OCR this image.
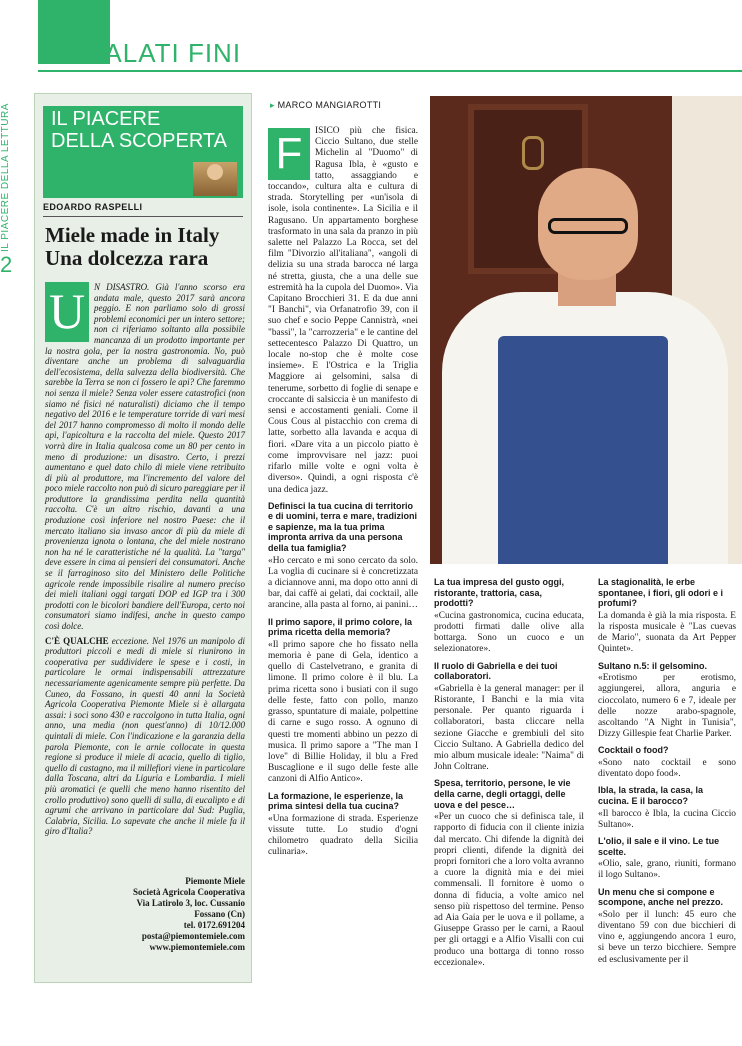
PALATI FINI
IL PIACERE DELLA LETTURA
2
IL PIACERE
DELLA SCOPERTA
EDOARDO RASPELLI
Miele made in Italy
Una dolcezza rara
U N DISASTRO. Già l'anno scorso era andata male, questo 2017 sarà ancora peggio. E non parliamo solo di grossi problemi economici per un intero settore; non ci riferiamo soltanto alla possibile mancanza di un prodotto importante per la nostra gola, per la nostra gastronomia. No, può diventare anche un problema di salvaguardia dell'ecosistema, della salvezza della biodiversità. Che sarebbe la Terra se non ci fossero le api? Che faremmo noi senza il miele? Senza voler essere catastrofici (non siamo né fisici né naturalisti) diciamo che il tempo negativo del 2016 e le temperature torride di vari mesi del 2017 hanno compromesso di molto il mondo delle api, l'apicoltura e la raccolta del miele. Questo 2017 vorrà dire in Italia qualcosa come un 80 per cento in meno di produzione: un disastro. Certo, i prezzi aumentano e quel dato chilo di miele viene retribuito di più al produttore, ma l'incremento del valore del poco miele raccolto non può di sicuro pareggiare per il produttore la grandissima perdita nella quantità raccolta. C'è un altro rischio, davanti a una produzione così inferiore nel nostro Paese: che il mercato italiano sia invaso ancor di più da miele di provenienza ignota o lontana, che del miele nostrano non ha né le caratteristiche né la qualità. La "targa" deve essere in cima ai pensieri dei consumatori. Anche se il farraginoso sito del Ministero delle Politiche agricole rende impossibile risalire al numero preciso dei mieli italiani oggi targati DOP ed IGP tra i 300 prodotti con le bicolori bandiere dell'Europa, certo noi consumatori siamo indifesi, anche in questo campo così dolce.

C'È QUALCHE eccezione. Nel 1976 un manipolo di produttori piccoli e medi di miele si riunirono in cooperativa per suddividere le spese e i costi, in particolare le ormai indispensabili attrezzature necessariamente agenicamente sempre più perfette. Da Cuneo, da Fossano, in questi 40 anni la Società Agricola Cooperativa Piemonte Miele si è allargata assai: i soci sono 430 e raccolgono in tutta Italia, ogni anno, una media (non quest'anno) di 10/12.000 quintali di miele. Con l'indicazione e la garanzia della parola Piemonte, con le arnie collocate in questa regione si produce il miele di acacia, quello di tiglio, quello di castagno, ma il millefiori viene in particolare dalla Toscana, altri da Liguria e Lombardia. I mieli più aromatici (e quelli che meno hanno risentito del crollo produttivo) sono quelli di sulla, di eucalipto e di agrumi che arrivano in particolare dal Sud: Puglia, Calabria, Sicilia. Lo sapevate che anche il miele fa il giro d'Italia?

Piemonte Miele
Società Agricola Cooperativa
Via Latirolo 3, loc. Cussanio
Fossano (Cn)
tel. 0172.691204
posta@piemontemiele.com
www.piemontemiele.com
▸ MARCO MANGIAROTTI

F	ISICO più che fisica. Ciccio Sultano, due stelle Michelin al "Duomo" di Ragusa Ibla, è «gusto e tatto, assaggiando e toccando», cultura alta e cultura di strada. Storytelling per «un'isola di isole, isola continente». La Sicilia e il Ragusano. Un appartamento borghese trasformato in una sala da pranzo in più salette nel Palazzo La Rocca, set del film "Divorzio all'italiana", «angoli di delizia su una strada barocca né larga né stretta, giusta, che a una delle sue estremità ha la cupola del Duomo». Via Capitano Brocchieri 31. E da due anni "I Banchi", via Orfanatrofio 39, con il suo chef e socio Peppe Cannistrà, «nei "bassi", la "carrozzeria" e le cantine del settecentesco Palazzo Di Quattro, un locale no-stop che è molte cose insieme». E l'Ostrica e la Triglia Maggiore ai gelsomini, salsa di tenerume, sorbetto di foglie di senape e croccante di salsiccia è un manifesto di sensi e accostamenti geniali. Come il Cous Cous al pistacchio con crema di latte, sorbetto alla lavanda e acqua di fiori. «Dare vita a un piccolo piatto è come improvvisare nel jazz: puoi rifarlo mille volte e ogni volta è diverso». Quindi, a ogni risposta c'è una dedica jazz.

Definisci la tua cucina di territorio e di uomini, terra e mare, tradizioni e sapienze, ma la tua prima impronta arriva da una persona della tua famiglia?

«Ho cercato e mi sono cercato da solo. La voglia di cucinare si è concretizzata a diciannove anni, ma dopo otto anni di bar, dai caffè ai gelati, dai cocktail, alle arancine, alla pasta al forno, ai panini…

Il primo sapore, il primo colore, la prima ricetta della memoria?

«Il primo sapore che ho fissato nella memoria è pane di Gela, identico a quello di Castelvetrano, e granita di limone. Il primo colore è il blu. La prima ricetta sono i busiati con il sugo delle feste, fatto con pollo, manzo grasso, spuntature di maiale, polpettine di carne e sugo rosso. A ognuno di questi tre momenti abbino un pezzo di musica. Il primo sapore a "The man I love" di Billie Holiday, il blu a Fred Buscaglione e il sugo delle feste alle canzoni di Alfio Antico».

La formazione, le esperienze, la prima sintesi della tua cucina?

«Una formazione di strada. Esperienze vissute tutte. Lo studio d'ogni chilometro quadrato della Sicilia culinaria».

La tua impresa del gusto oggi, ristorante, trattoria, casa, prodotti?

«Cucina gastronomica, cucina educata, prodotti firmati dalle olive alla bottarga. Sono un cuoco e un selezionatore».

Il ruolo di Gabriella e dei tuoi collaboratori.

«Gabriella è la general manager: per il Ristorante, I Banchi e la mia vita personale. Per quanto riguarda i collaboratori, basta cliccare nella sezione Giacche e grembiuli del sito Ciccio Sultano. A Gabriella dedico del mio album musicale ideale: "Naima" di John Coltrane.

Spesa, territorio, persone, le vie della carne, degli ortaggi, delle uova e del pesce…

«Per un cuoco che si definisca tale, il rapporto di fiducia con il cliente inizia dal mercato. Chi difende la dignità dei propri clienti, difende la dignità dei propri fornitori che a loro volta avranno a cuore la dignità mia e dei miei commensali. Il fornitore è uomo o donna di fiducia, a volte amico nel senso più rispettoso del termine. Penso ad Aia Gaia per le uova e il pollame, a Giuseppe Grasso per le carni, a Raoul per gli ortaggi e a Alfio Visalli con cui produco una bottarga di tonno rosso eccezionale».

La stagionalità, le erbe spontanee, i fiori, gli odori e i profumi?

La domanda è già la mia risposta. E la risposta musicale è "Las cuevas de Mario", suonata da Art Pepper Quintet».

Sultano n.5: il gelsomino.

«Erotismo per erotismo, aggiungerei, allora, anguria e cioccolato, numero 6 e 7, ideale per delle nozze arabo-spagnole, ascoltando "A Night in Tunisia", Dizzy Gillespie feat Charlie Parker.

Cocktail o food?

«Sono nato cocktail e sono diventato dopo food».

Ibla, la strada, la casa, la cucina. E il barocco?

«Il barocco è Ibla, la cucina Ciccio Sultano».

L'olio, il sale e il vino. Le tue scelte.

«Olio, sale, grano, riuniti, formano il logo Sultano».

Un menu che si compone e scompone, anche nel prezzo.

«Solo per il lunch: 45 euro che diventano 59 con due bicchieri di vino e, aggiungendo ancora 1 euro, si beve un terzo bicchiere. Sempre ed esclusivamente per il
